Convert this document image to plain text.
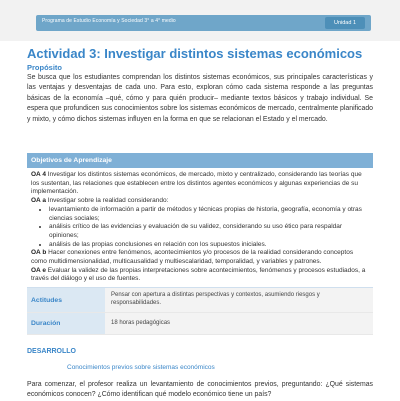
Programa de Estudio Economía y Sociedad 3° a 4° medio	Unidad 1
Actividad 3: Investigar distintos sistemas económicos
Propósito
Se busca que los estudiantes comprendan los distintos sistemas económicos, sus principales características y las ventajas y desventajas de cada uno. Para esto, exploran cómo cada sistema responde a las preguntas básicas de la economía –qué, cómo y para quién producir– mediante textos básicos y trabajo individual. Se espera que profundicen sus conocimientos sobre los sistemas económicos de mercado, centralmente planificado y mixto, y cómo dichos sistemas influyen en la forma en que se relacionan el Estado y el mercado.
Objetivos de Aprendizaje
OA 4 Investigar los distintos sistemas económicos, de mercado, mixto y centralizado, considerando las teorías que los sustentan, las relaciones que establecen entre los distintos agentes económicos y algunas experiencias de su implementación.
OA a Investigar sobre la realidad considerando:
• levantamiento de información a partir de métodos y técnicas propias de historia, geografía, economía y otras ciencias sociales;
• análisis crítico de las evidencias y evaluación de su validez, considerando su uso ético para respaldar opiniones;
• análisis de las propias conclusiones en relación con los supuestos iniciales.
OA b Hacer conexiones entre fenómenos, acontecimientos y/o procesos de la realidad considerando conceptos como multidimensionalidad, multicausalidad y multiescalaridad, temporalidad, y variables y patrones.
OA e Evaluar la validez de las propias interpretaciones sobre acontecimientos, fenómenos y procesos estudiados, a través del diálogo y el uso de fuentes.
Actitudes
Pensar con apertura a distintas perspectivas y contextos, asumiendo riesgos y responsabilidades.
Duración	18 horas pedagógicas
DESARROLLO
Conocimientos previos sobre sistemas económicos
Para comenzar, el profesor realiza un levantamiento de conocimientos previos, preguntando: ¿Qué sistemas económicos conocen? ¿Cómo identifican qué modelo económico tiene un país?
